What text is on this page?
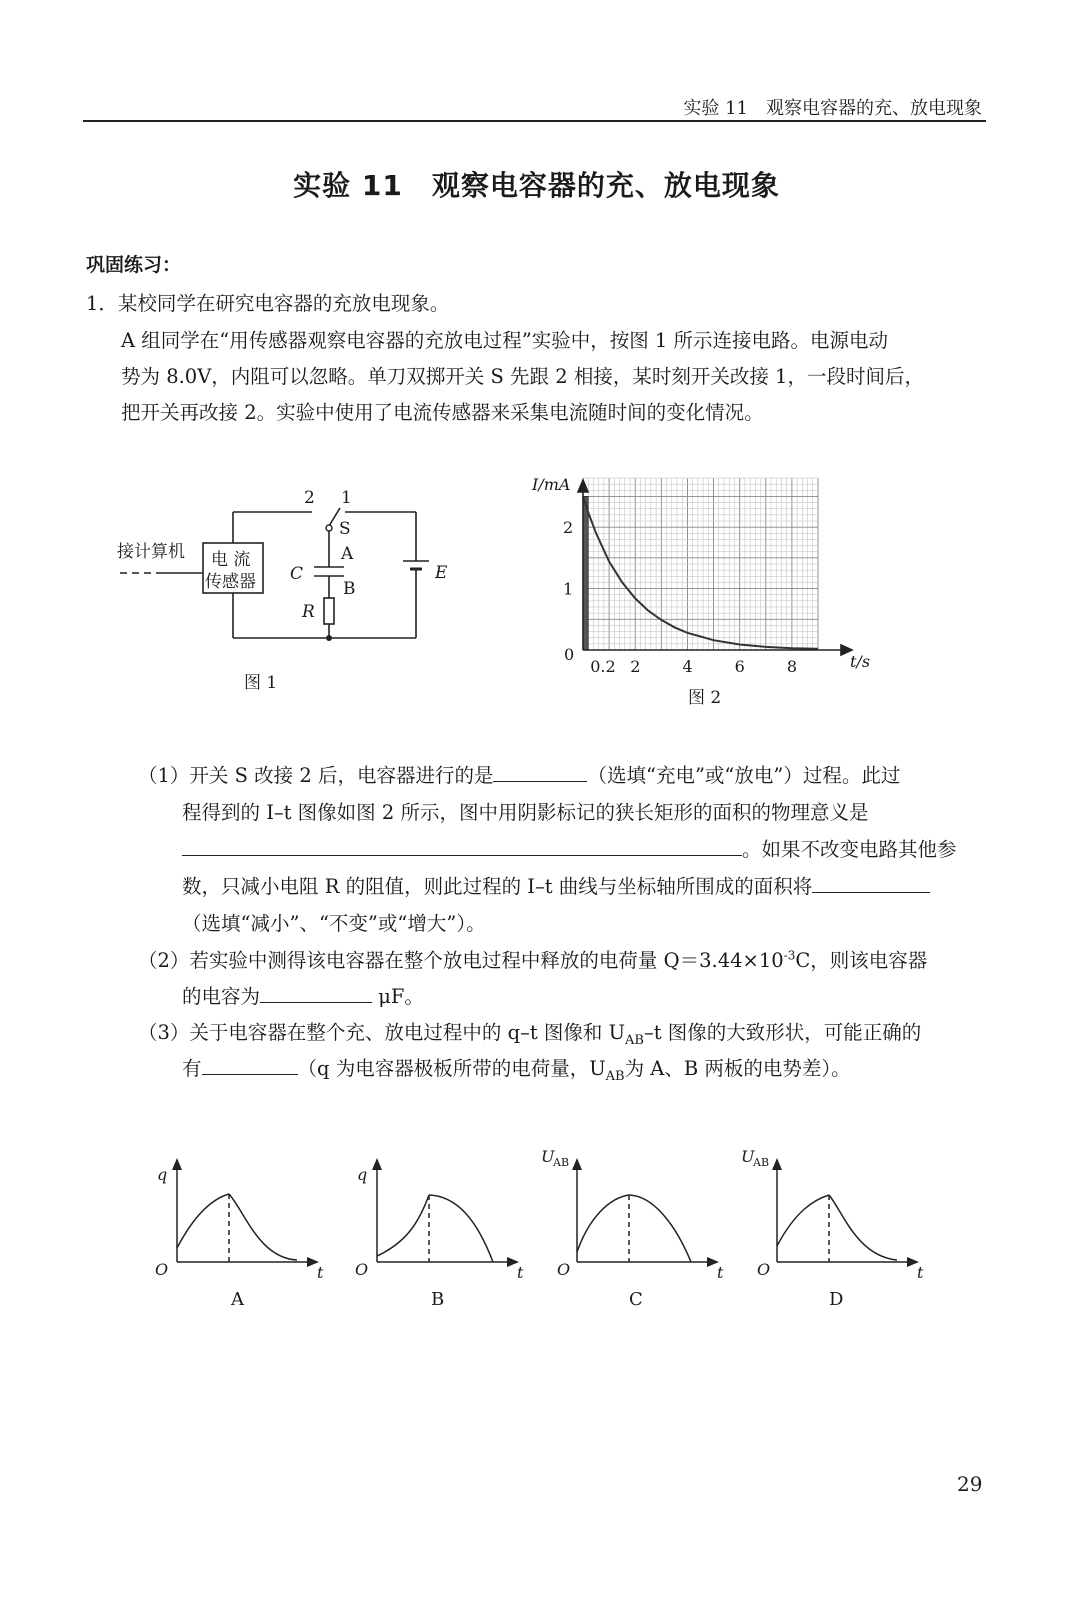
实验 11　观察电容器的充、放电现象
实验 11　观察电容器的充、放电现象
巩固练习：
1．某校同学在研究电容器的充放电现象。
A 组同学在“用传感器观察电容器的充放电过程”实验中，按图 1 所示连接电路。电源电动
势为 8.0V，内阻可以忽略。单刀双掷开关 S 先跟 2 相接，某时刻开关改接 1，一段时间后，
把开关再改接 2。实验中使用了电流传感器来采集电流随时间的变化情况。
接计算机 电 流
传感器
2 1
S
A
B
C
R
E
图 1
I/mA
t/s
0
2
1
0.2 2	4	6	8
图 2
（1）开关 S 改接 2 后，电容器进行的是	（选填“充电”或“放电”）过程。此过
程得到的 I–t 图像如图 2 所示，图中用阴影标记的狭长矩形的面积的物理意义是
。如果不改变电路其他参
数，只减小电阻 R 的阻值，则此过程的 I–t 曲线与坐标轴所围成的面积将
（选填“减小”、“不变”或“增大”）。
（2）若实验中测得该电容器在整个放电过程中释放的电荷量 $Q=3.44\times 10^{-3}C$，则该电容器
的电容为	μF。
（3）关于电容器在整个充、放电过程中的 q–t 图像和 $U_{AB}-t$ 图像的大致形状，可能正确的
有	（q 为电容器极板所带的电荷量，$U_{AB}$为 A、B 两板的电势差）。
q
O	t
A
q
O	t
B
U
AB
O	t
C
U
AB
O	t
D
29
